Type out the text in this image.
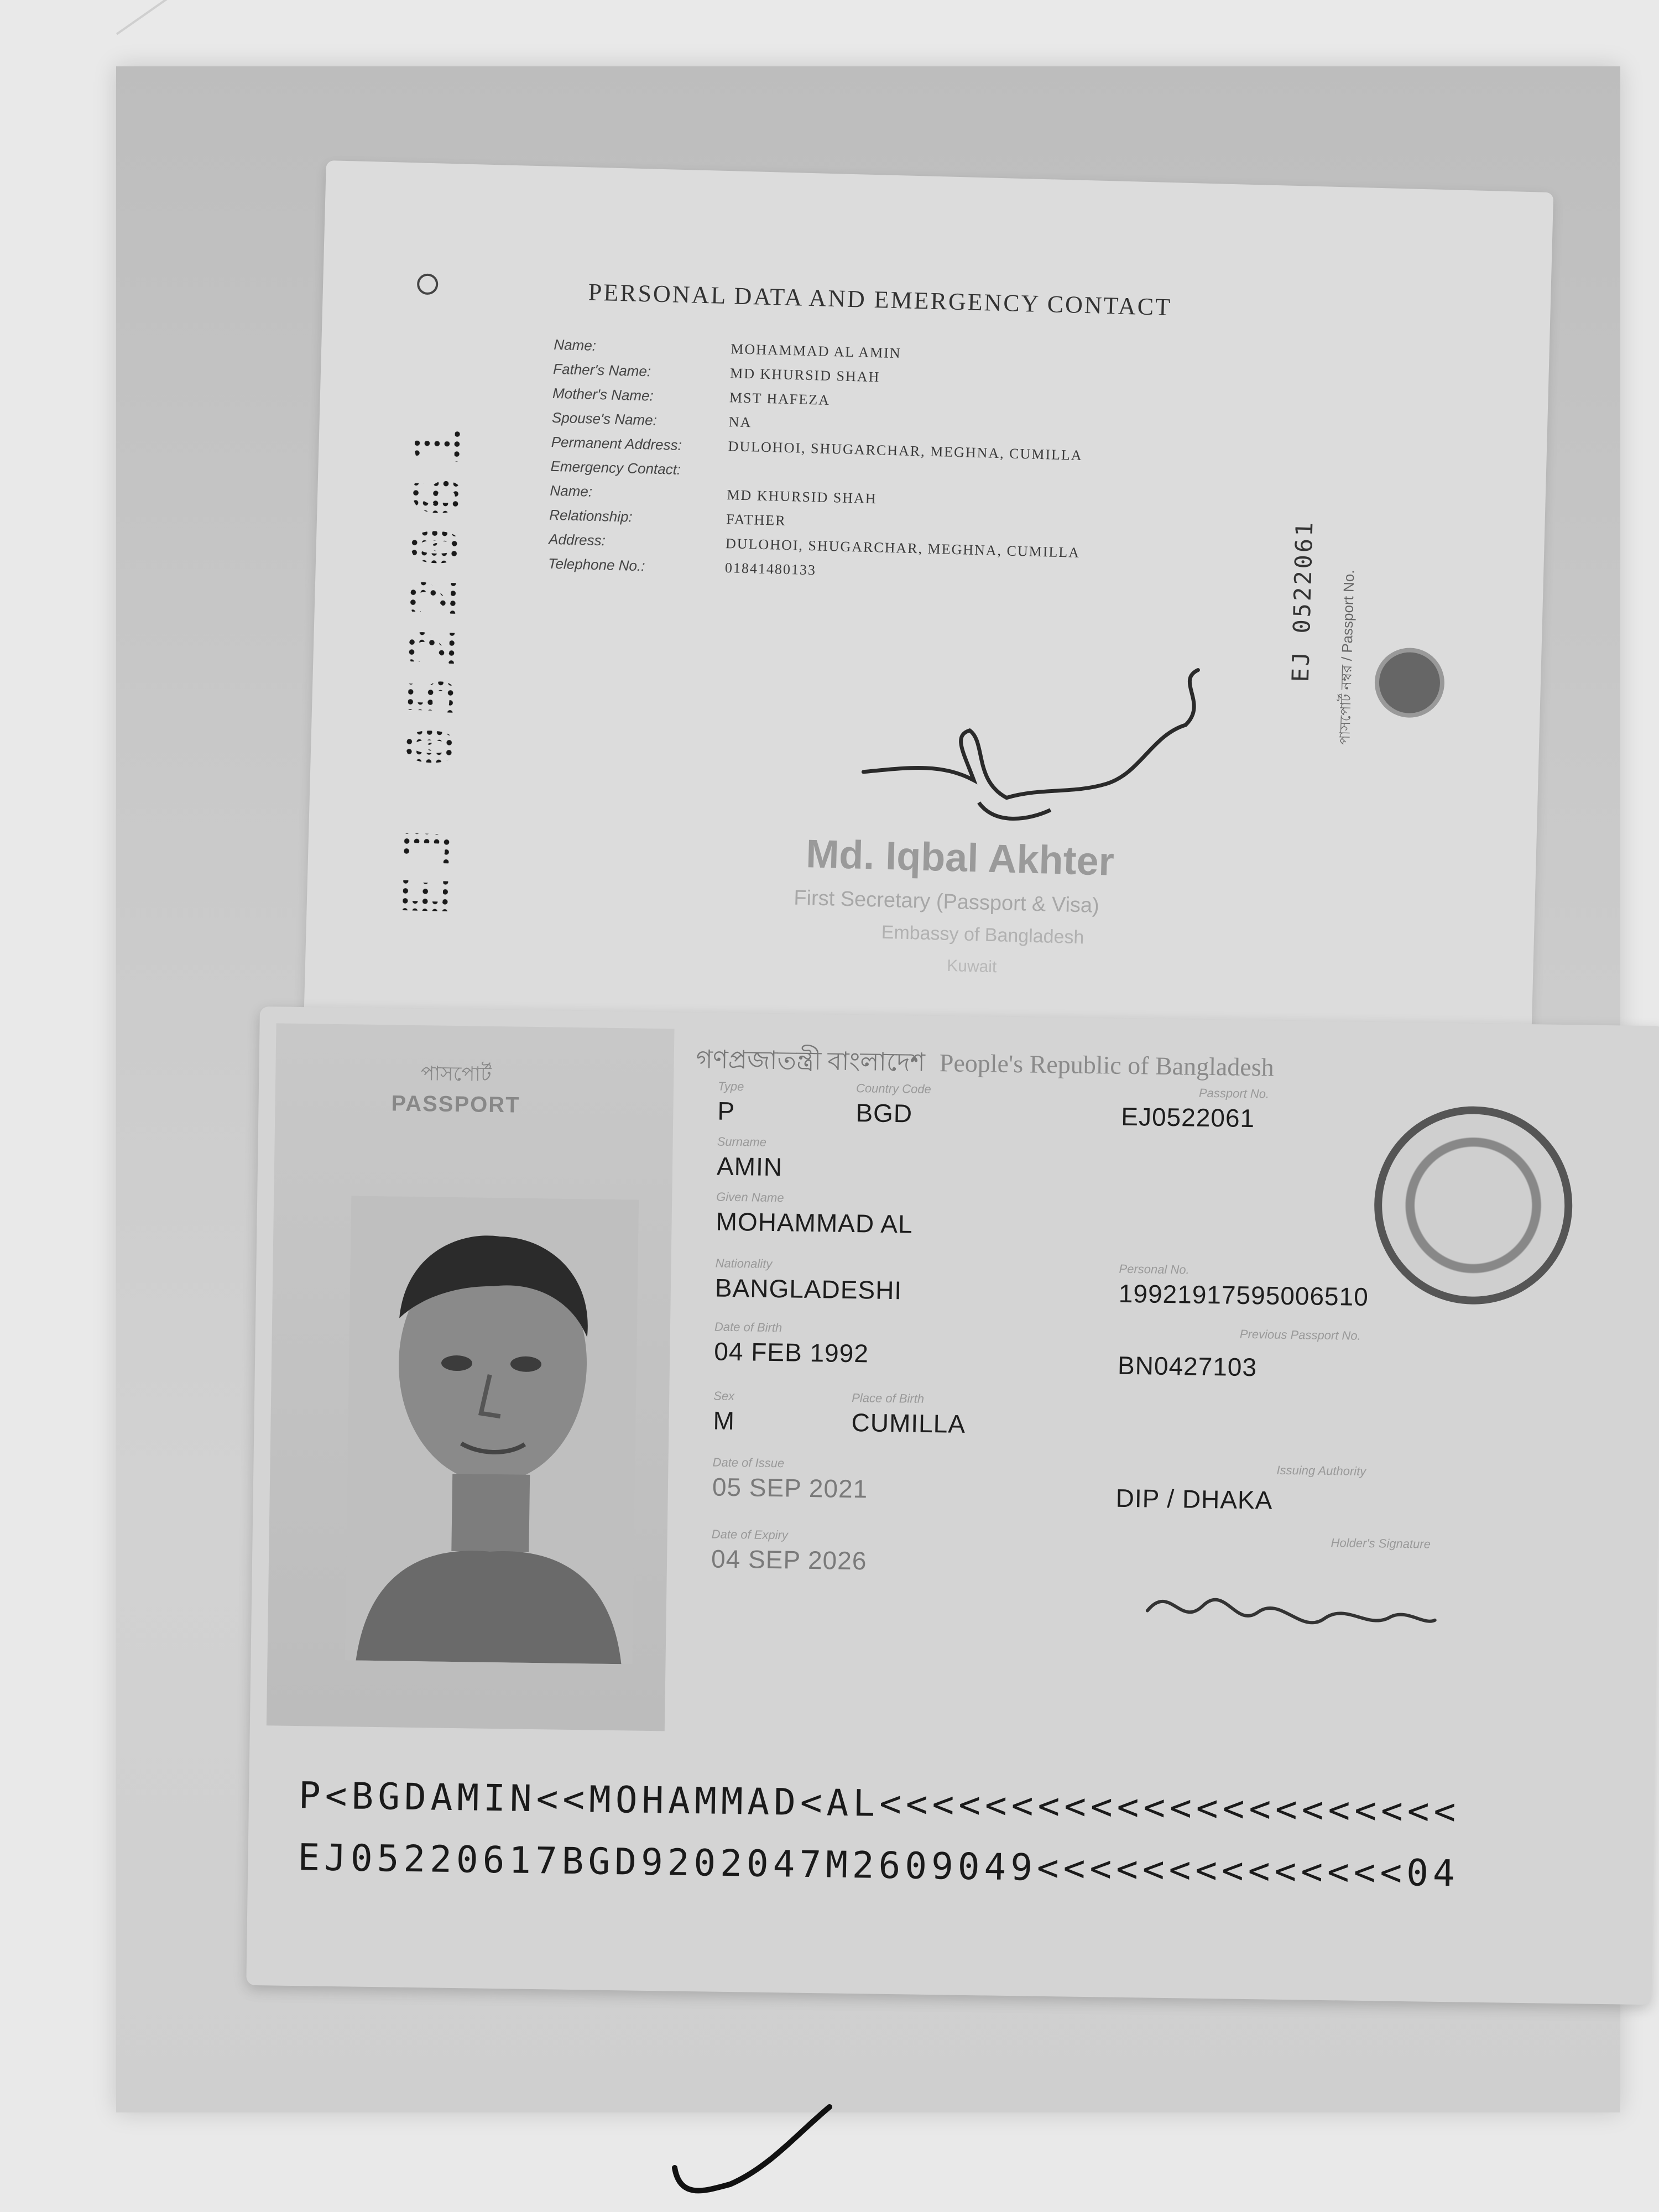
EJ 0522061
PERSONAL DATA AND EMERGENCY CONTACT
Name:	MOHAMMAD AL AMIN
Father's Name:	MD KHURSID SHAH
Mother's Name:	MST HAFEZA
Spouse's Name:	NA
Permanent Address:	DULOHOI, SHUGARCHAR, MEGHNA, CUMILLA
Emergency Contact:
Name:	MD KHURSID SHAH
Relationship:	FATHER
Address:	DULOHOI, SHUGARCHAR, MEGHNA, CUMILLA
Telephone No.:	01841480133
Md. Iqbal Akhter
First Secretary (Passport & Visa)
Embassy of Bangladesh
Kuwait
EJ 0522061 পাসপোর্ট নম্বর / Passport No.
পাসপোর্ট
PASSPORT
গণপ্রজাতন্ত্রী বাংলাদেশ People's Republic of Bangladesh
Type
P
Country Code
BGD
Passport No.
EJ0522061
Surname
AMIN
Given Name
MOHAMMAD AL
Nationality
BANGLADESHI
Personal No.
19921917595006510
Date of Birth
04 FEB 1992
Previous Passport No.
BN0427103
Sex
M
Place of Birth
CUMILLA
Date of Issue
05 SEP 2021
Issuing Authority
DIP / DHAKA
Date of Expiry
04 SEP 2026
Holder's Signature
P<BGDAMIN<<MOHAMMAD<AL<<<<<<<<<<<<<<<<<<<<<<
EJ05220617BGD9202047M2609049<<<<<<<<<<<<<<04
